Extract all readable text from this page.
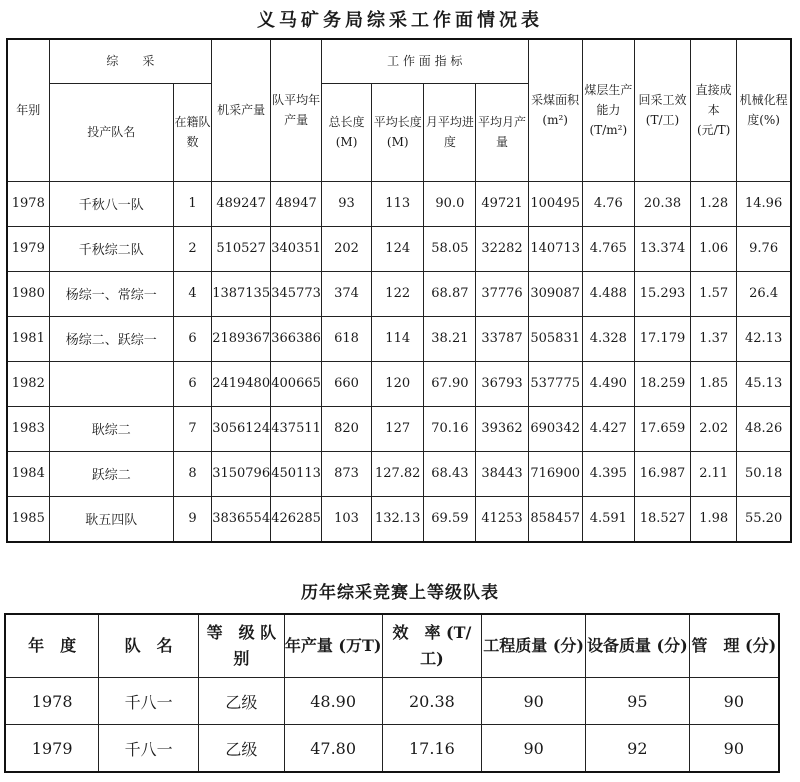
义马矿务局综采工作面情况表
年别	综　　采		机采产量	队平均年产量	工 作 面 指 标				采煤面积(m²)	煤层生产能力(T/m²)	回采工效(T/工)	直接成本(元/T)	机械化程度(%)
	投产队名	在籍队数			总长度(M)	平均长度(M)	月平均进 度	平均月产 量					
1978	千秋八一队	1	489247	48947	93	113	90.0	49721	100495	4.76	20.38	1.28	14.96
1979	千秋综二队	2	510527	340351	202	124	58.05	32282	140713	4.765	13.374	1.06	9.76
1980	杨综一、常综一	4	1387135	345773	374	122	68.87	37776	309087	4.488	15.293	1.57	26.4
1981	杨综二、跃综一	6	2189367	366386	618	114	38.21	33787	505831	4.328	17.179	1.37	42.13
1982		6	2419480	400665	660	120	67.90	36793	537775	4.490	18.259	1.85	45.13
1983	耿综二	7	3056124	437511	820	127	70.16	39362	690342	4.427	17.659	2.02	48.26
1984	跃综二	8	3150796	450113	873	127.82	68.43	38443	716900	4.395	16.987	2.11	50.18
1985	耿五四队	9	3836554	426285	103	132.13	69.59	41253	858457	4.591	18.527	1.98	55.20
历年综采竞赛上等级队表
年　度	队　名	等　级 队　别	年产量 (万T)	效　率 (T/工)	工程质量 (分)	设备质量 (分)	管　理 (分)
1978	千八一	乙级	48.90	20.38	90	95	90
1979	千八一	乙级	47.80	17.16	90	92	90
